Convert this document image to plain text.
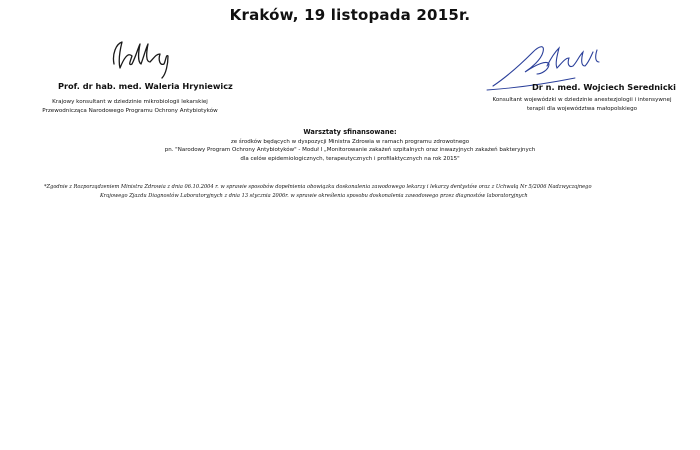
Kraków, 19 listopada 2015r.
Prof. dr hab. med. Waleria Hryniewicz	Dr n. med. Wojciech Serednicki
Krajowy konsultant w dziedzinie mikrobiologii lekarskiej
Przewodnicząca Narodowego Programu Ochrony Antybiotyków
Konsultant wojewódzki w dziedzinie anestezjologii i intensywnej
terapii dla województwa małopolskiego
Warsztaty sfinansowane:
ze środków będących w dyspozycji Ministra Zdrowia w ramach programu zdrowotnego
pn. "Narodowy Program Ochrony Antybiotyków" - Moduł I „Monitorowanie zakażeń szpitalnych oraz inwazyjnych zakażeń bakteryjnych
dla celów epidemiologicznych, terapeutycznych i profilaktycznych na rok 2015"
*Zgodnie z Rozporządzeniem Ministra Zdrowia z dnia 06.10.2004 r. w sprawie sposobów dopełnienia obowiązku doskonalenia zawodowego lekarzy i lekarzy dentystów oraz z Uchwałą Nr 5/2006 Nadzwyczajnego
Krajowego Zjazdu Diagnostów Laboratoryjnych z dnia 13 stycznia 2006r. w sprawie określenia sposobu doskonalenia zawodowego przez diagnostów laboratoryjnych
